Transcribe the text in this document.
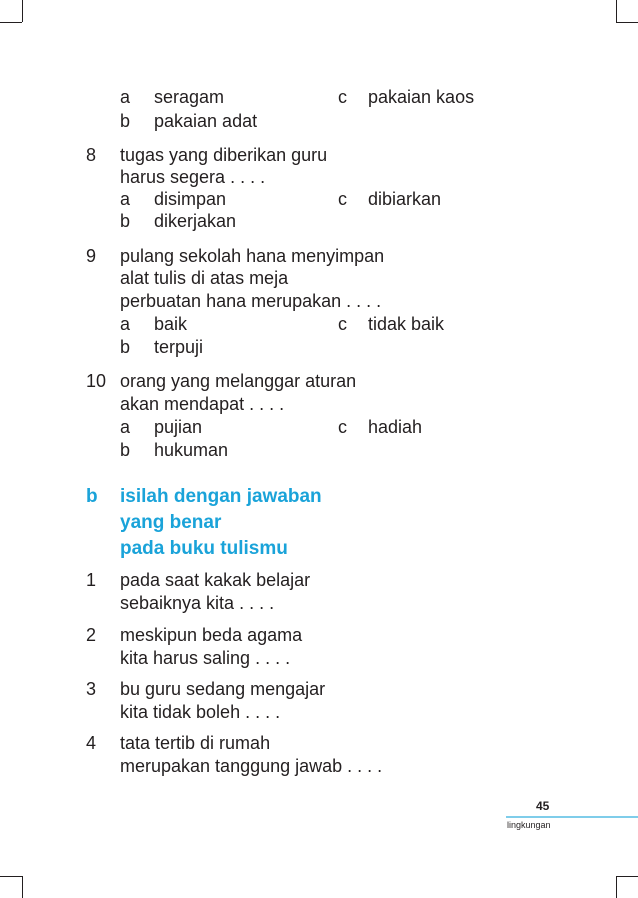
a seragam	c pakaian kaos
b pakaian adat
8 tugas yang diberikan guru
harus segera . . . .
a disimpan	c dibiarkan
b dikerjakan
9 pulang sekolah hana menyimpan
alat tulis di atas meja
perbuatan hana merupakan . . . .
a baik	c tidak baik
b terpuji
10 orang yang melanggar aturan
akan mendapat . . . .
a pujian	c hadiah
b hukuman
b isilah dengan jawaban
yang benar
pada buku tulismu
1 pada saat kakak belajar
sebaiknya kita . . . .
2 meskipun beda agama
kita harus saling . . . .
3 bu guru sedang mengajar
kita tidak boleh . . . .
4 tata tertib di rumah
merupakan tanggung jawab . . . .
45
lingkungan
